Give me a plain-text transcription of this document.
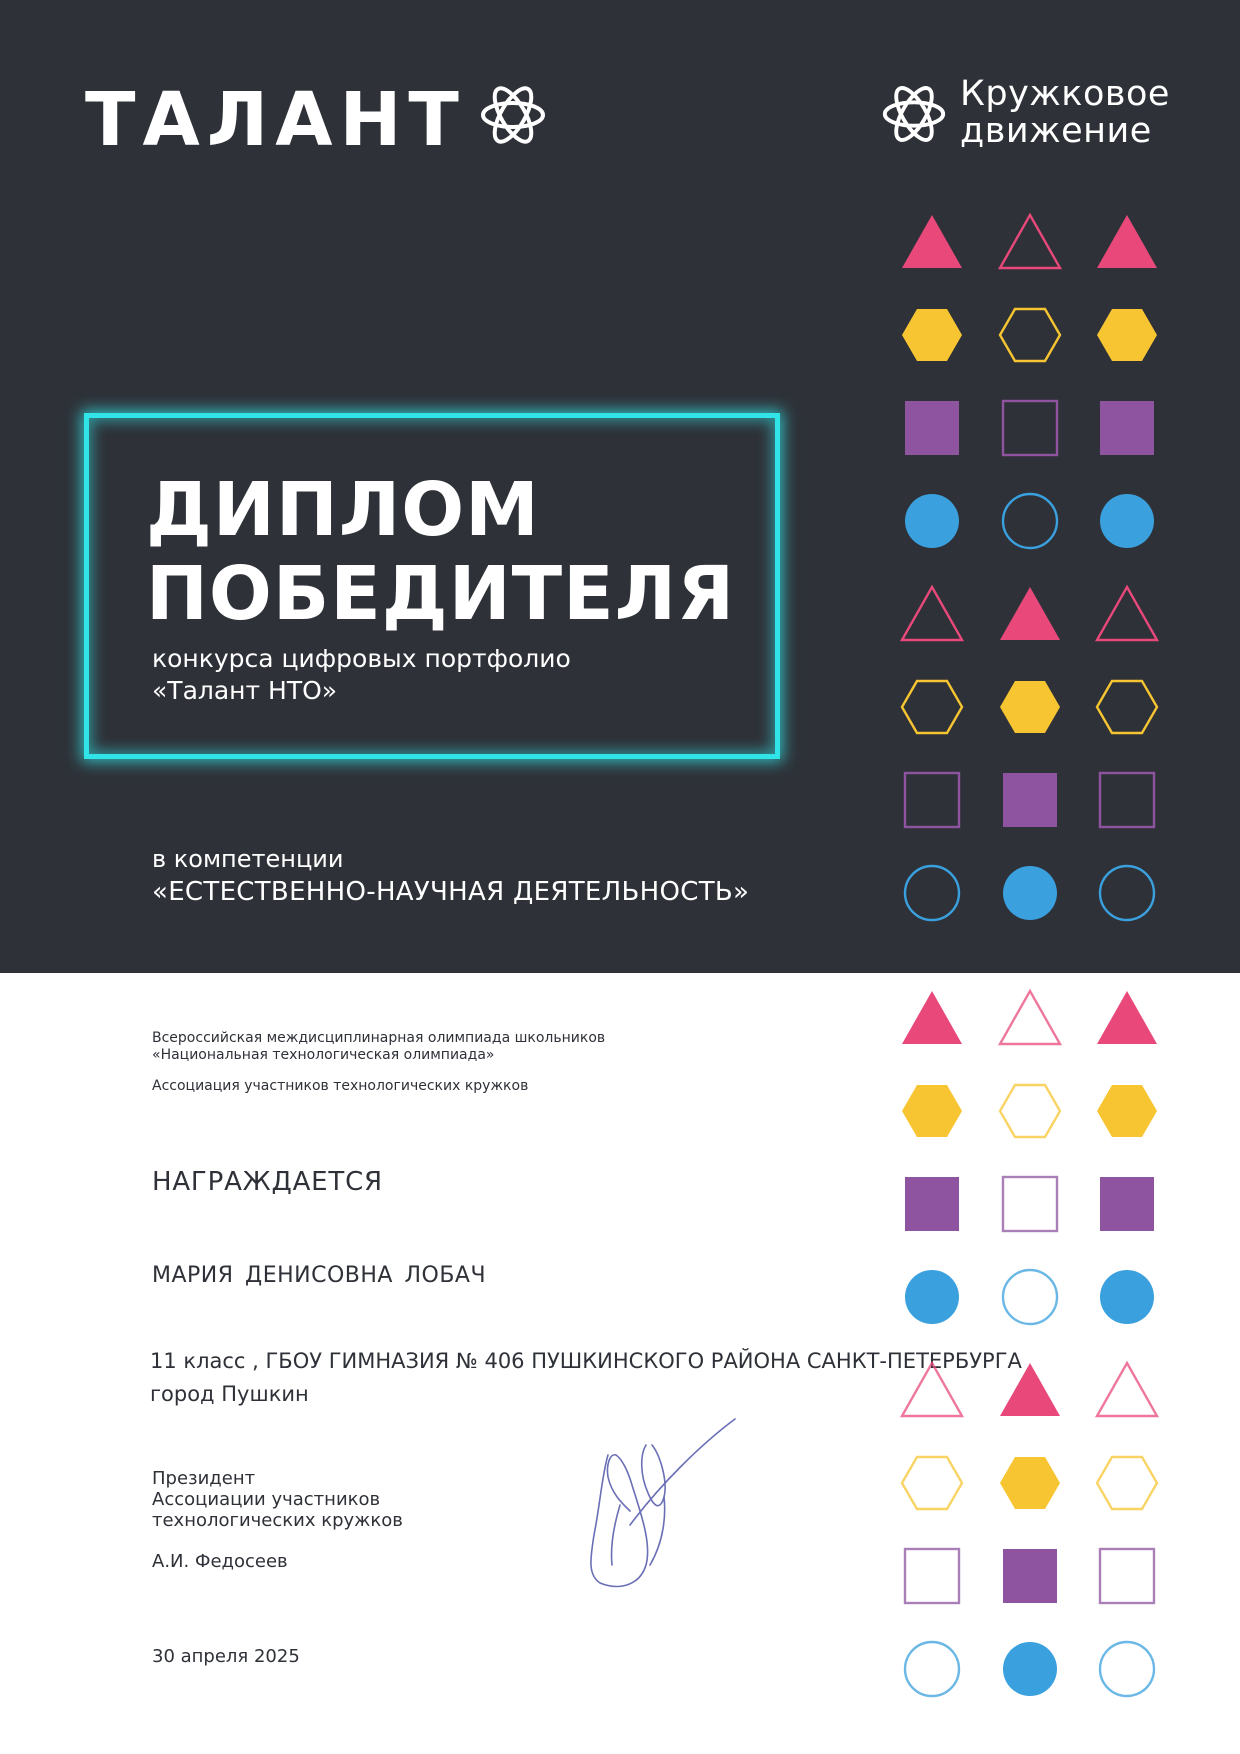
ТАЛАНТ	Кружкoвое
движение
ДИПЛОМ
ПОБЕДИТЕЛЯ
конкурса цифровых портфолио
«Талант НТО»
в компетенции
«ЕСТЕСТВЕННО-НАУЧНАЯ ДЕЯТЕЛЬНОСТЬ»
Всероссийская междисциплинарная олимпиада школьников
«Национальная технологическая олимпиада»
Ассоциация участников технологических кружков
НАГРАЖДАЕТСЯ
МАРИЯ ДЕНИСОВНА ЛОБАЧ
11 класс , ГБОУ ГИМНАЗИЯ № 406 ПУШКИНСКОГО РАЙОНА САНКТ-ПЕТЕРБУРГА
город Пушкин
Президент
Ассоциации участников
технологических кружков
А.И. Федосеев
30 апреля 2025
